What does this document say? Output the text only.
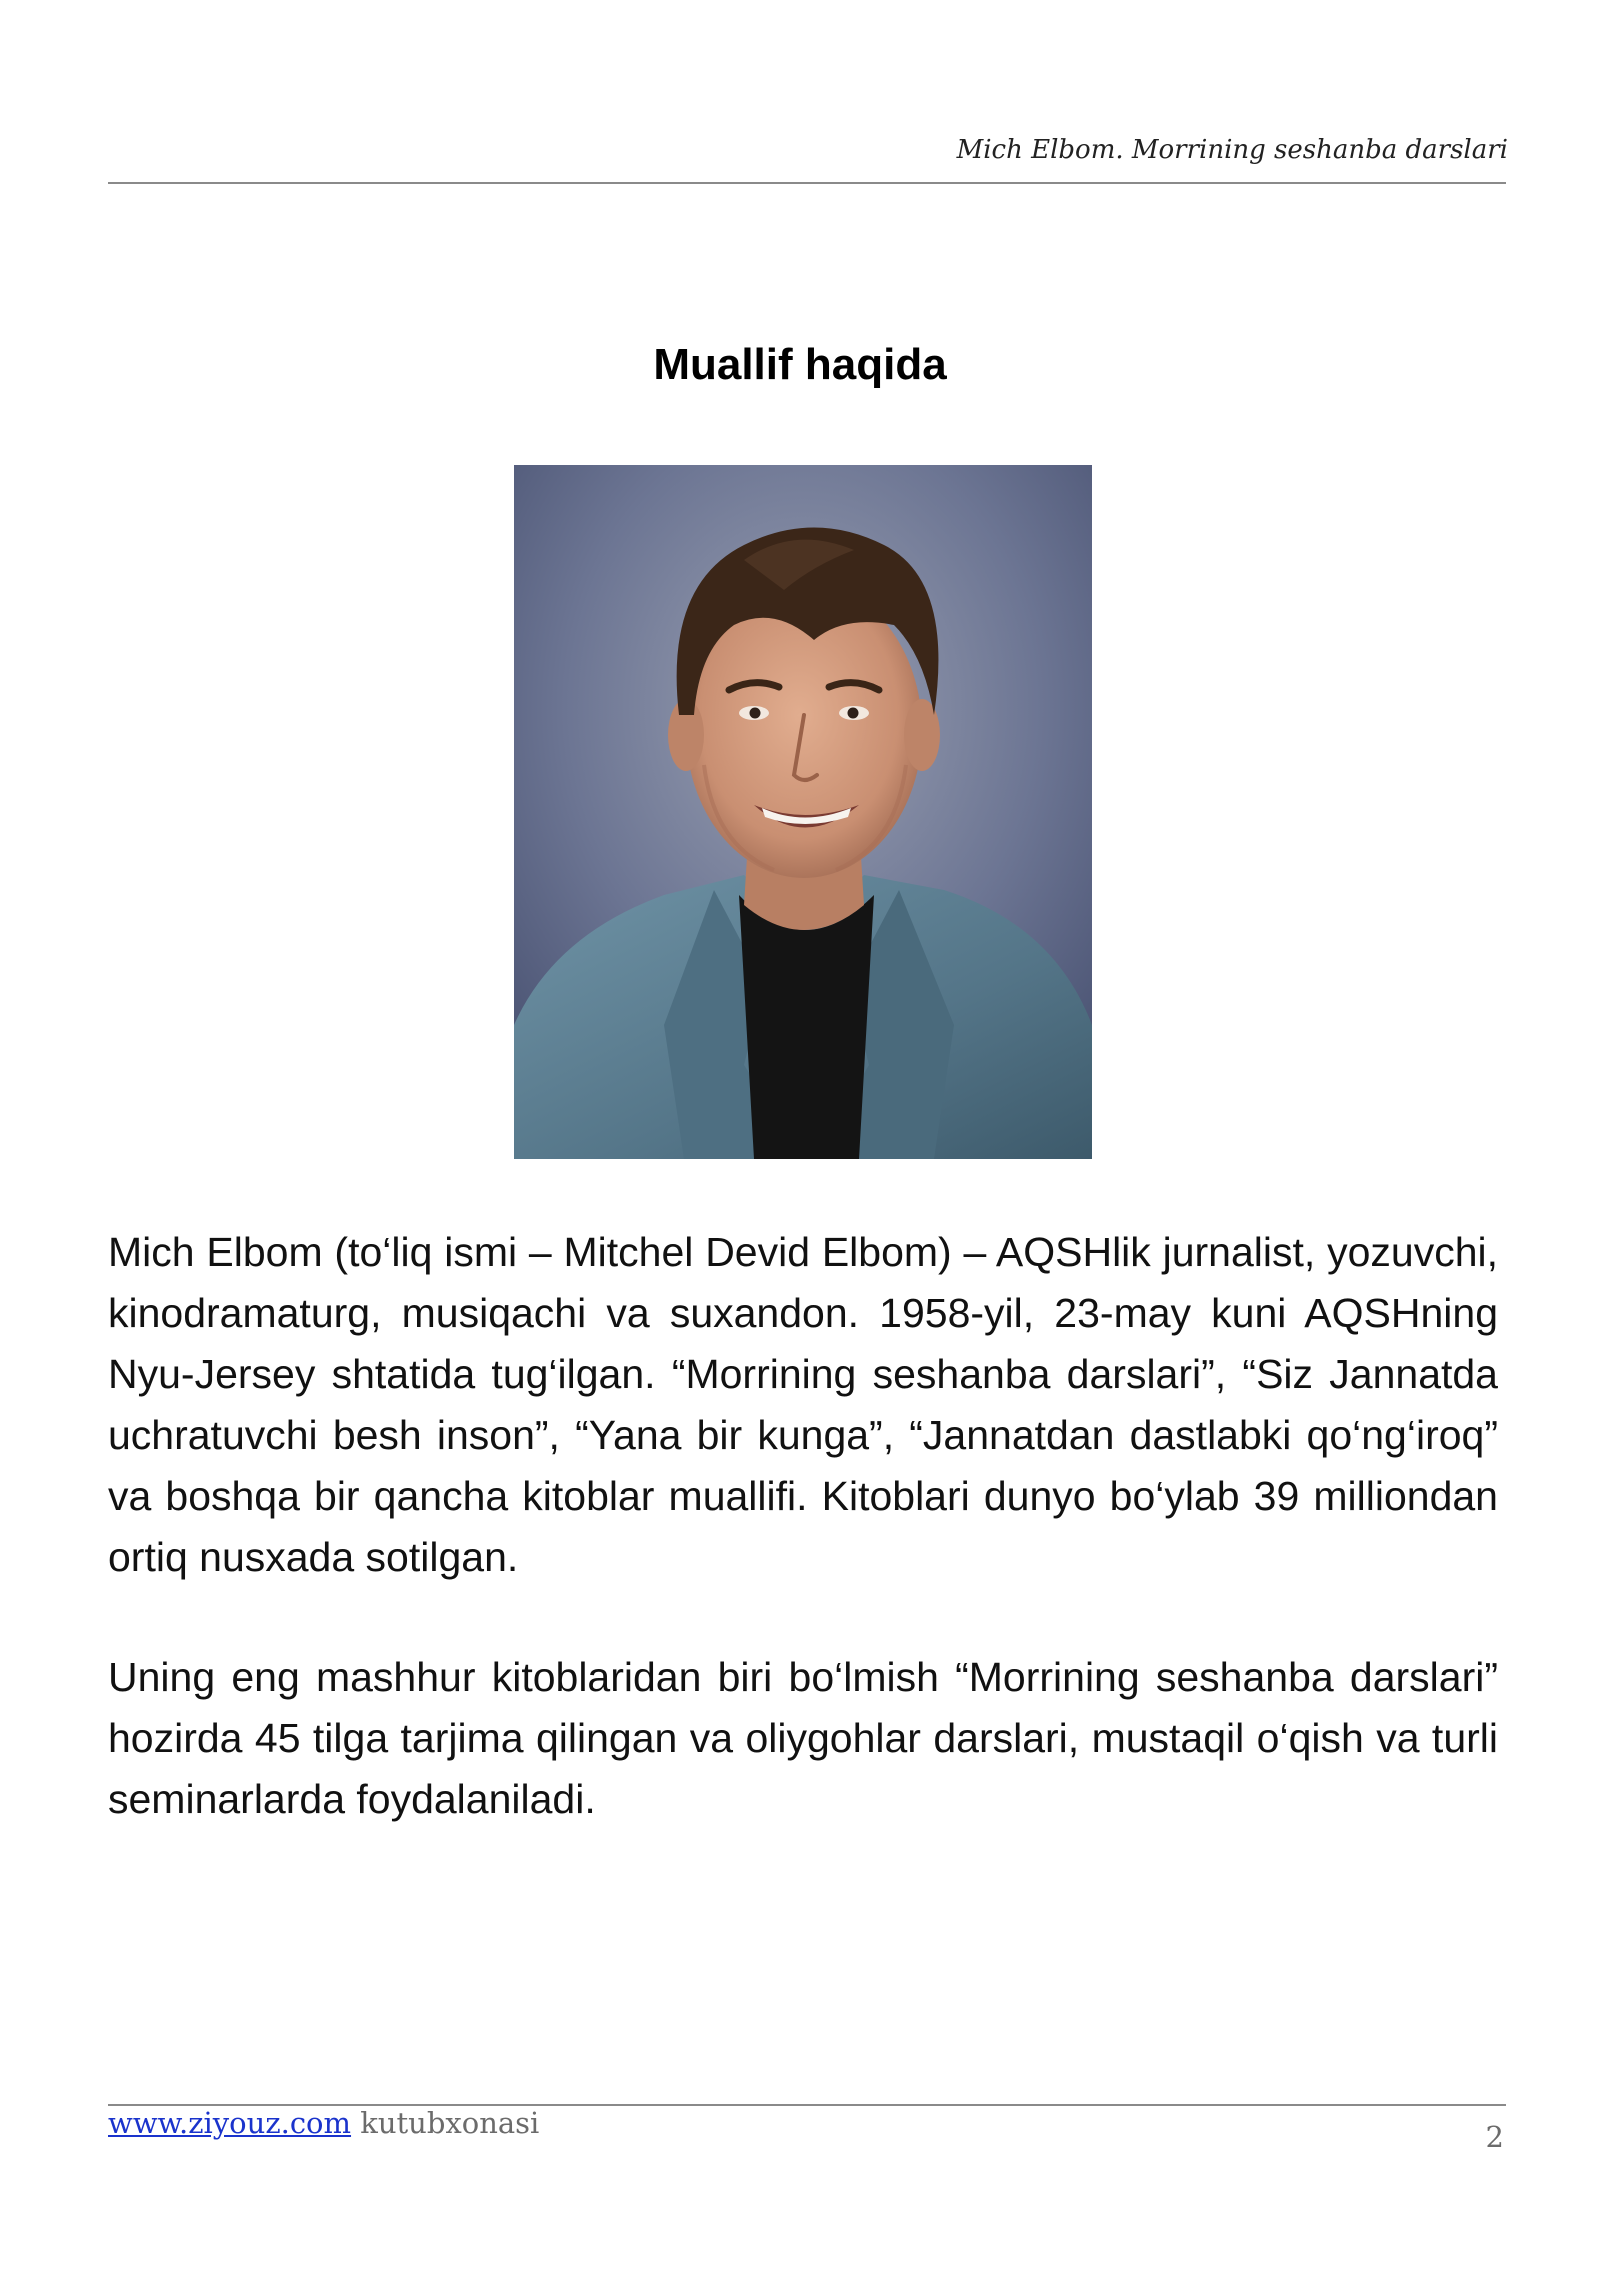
Mich Elbom. Morrining seshanba darslari
Muallif haqida

Mich Elbom (to‘liq ismi – Mitchel Devid Elbom) – AQSHlik jurnalist, yozuvchi, kinodramaturg, musiqachi va suxandon. 1958-yil, 23-may kuni AQSHning Nyu-Jersey shtatida tug‘ilgan. “Morrining seshanba darslari”, “Siz Jannatda uchratuvchi besh inson”, “Yana bir kunga”, “Jannatdan dastlabki qo‘ng‘iroq” va boshqa bir qancha kitoblar muallifi. Kitoblari dunyo bo‘ylab 39 milliondan ortiq nusxada sotilgan.

Uning eng mashhur kitoblaridan biri bo‘lmish “Morrining seshanba darslari” hozirda 45 tilga tarjima qilingan va oliygohlar darslari, mustaqil o‘qish va turli seminarlarda foydalaniladi.

www.ziyouz.com kutubxonasi	2
